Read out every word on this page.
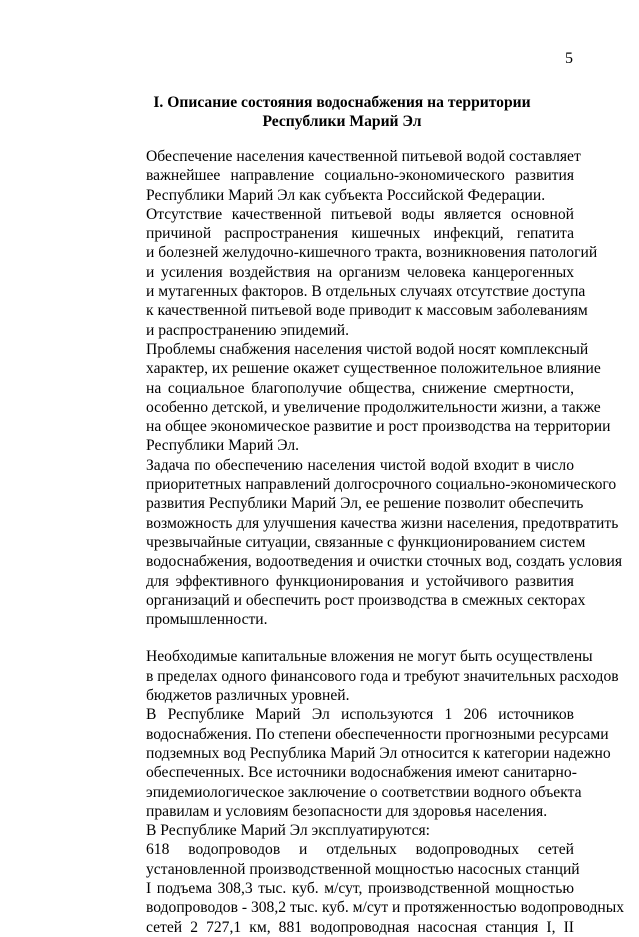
5
I. Описание состояния водоснабжения на территории
Республики Марий Эл
Обеспечение населения качественной питьевой водой составляет
важнейшее направление социально-экономического развития
Республики Марий Эл как субъекта Российской Федерации.
Отсутствие качественной питьевой воды является основной
причиной распространения кишечных инфекций, гепатита
и болезней желудочно-кишечного тракта, возникновения патологий
и усиления воздействия на организм человека канцерогенных
и мутагенных факторов. В отдельных случаях отсутствие доступа
к качественной питьевой воде приводит к массовым заболеваниям
и распространению эпидемий.
Проблемы снабжения населения чистой водой носят комплексный
характер, их решение окажет существенное положительное влияние
на социальное благополучие общества, снижение смертности,
особенно детской, и увеличение продолжительности жизни, а также
на общее экономическое развитие и рост производства на территории
Республики Марий Эл.
Задача по обеспечению населения чистой водой входит в число
приоритетных направлений долгосрочного социально-экономического
развития Республики Марий Эл, ее решение позволит обеспечить
возможность для улучшения качества жизни населения, предотвратить
чрезвычайные ситуации, связанные с функционированием систем
водоснабжения, водоотведения и очистки сточных вод, создать условия
для эффективного функционирования и устойчивого развития
организаций и обеспечить рост производства в смежных секторах
промышленности.
Необходимые капитальные вложения не могут быть осуществлены
в пределах одного финансового года и требуют значительных расходов
бюджетов различных уровней.
В Республике Марий Эл используются 1 206 источников
водоснабжения. По степени обеспеченности прогнозными ресурсами
подземных вод Республика Марий Эл относится к категории надежно
обеспеченных. Все источники водоснабжения имеют санитарно-
эпидемиологическое заключение о соответствии водного объекта
правилам и условиям безопасности для здоровья населения.
В Республике Марий Эл эксплуатируются:
618 водопроводов и отдельных водопроводных сетей
установленной производственной мощностью насосных станций
I подъема 308,3 тыс. куб. м/сут, производственной мощностью
водопроводов - 308,2 тыс. куб. м/сут и протяженностью водопроводных
сетей 2 727,1 км, 881 водопроводная насосная станция I, II
